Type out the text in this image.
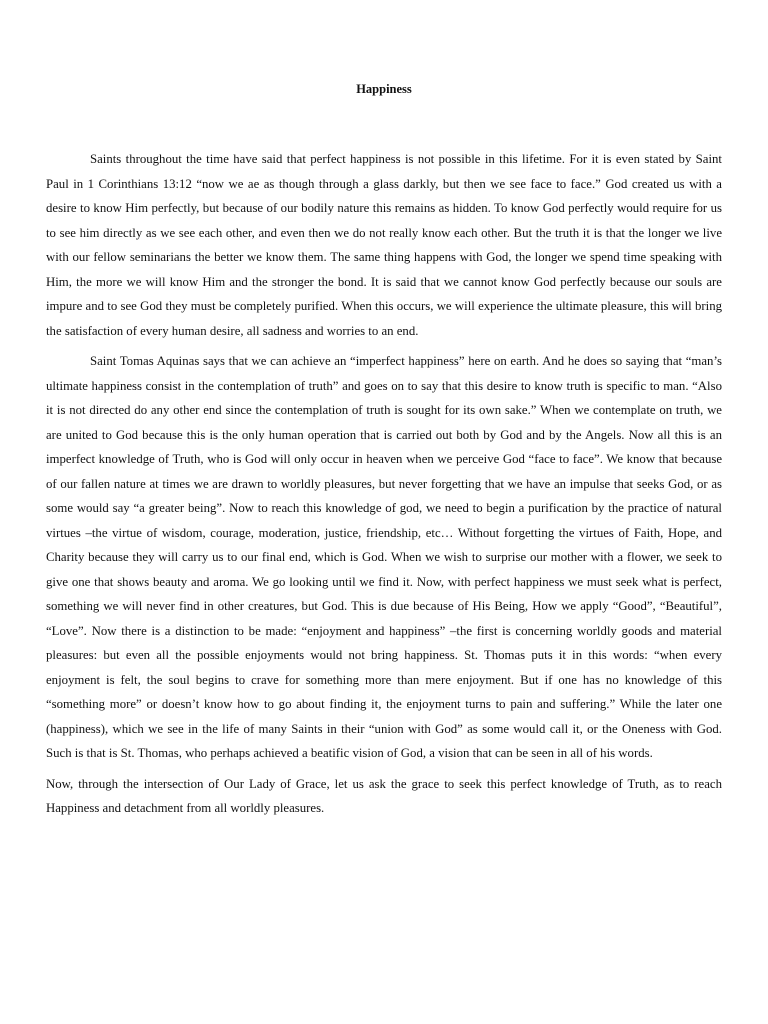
Happiness

Saints throughout the time have said that perfect happiness is not possible in this lifetime. For it is even stated by Saint Paul in 1 Corinthians 13:12 “now we ae as though through a glass darkly, but then we see face to face.” God created us with a desire to know Him perfectly, but because of our bodily nature this remains as hidden. To know God perfectly would require for us to see him directly as we see each other, and even then we do not really know each other. But the truth it is that the longer we live with our fellow seminarians the better we know them. The same thing happens with God, the longer we spend time speaking with Him, the more we will know Him and the stronger the bond. It is said that we cannot know God perfectly because our souls are impure and to see God they must be completely purified. When this occurs, we will experience the ultimate pleasure, this will bring the satisfaction of every human desire, all sadness and worries to an end.

Saint Tomas Aquinas says that we can achieve an “imperfect happiness” here on earth. And he does so saying that “man’s ultimate happiness consist in the contemplation of truth” and goes on to say that this desire to know truth is specific to man. “Also it is not directed do any other end since the contemplation of truth is sought for its own sake.” When we contemplate on truth, we are united to God because this is the only human operation that is carried out both by God and by the Angels. Now all this is an imperfect knowledge of Truth, who is God will only occur in heaven when we perceive God “face to face”. We know that because of our fallen nature at times we are drawn to worldly pleasures, but never forgetting that we have an impulse that seeks God, or as some would say “a greater being”. Now to reach this knowledge of god, we need to begin a purification by the practice of natural virtues –the virtue of wisdom, courage, moderation, justice, friendship, etc… Without forgetting the virtues of Faith, Hope, and Charity because they will carry us to our final end, which is God. When we wish to surprise our mother with a flower, we seek to give one that shows beauty and aroma. We go looking until we find it. Now, with perfect happiness we must seek what is perfect, something we will never find in other creatures, but God. This is due because of His Being, How we apply “Good”, “Beautiful”, “Love”. Now there is a distinction to be made: “enjoyment and happiness” –the first is concerning worldly goods and material pleasures: but even all the possible enjoyments would not bring happiness. St. Thomas puts it in this words: “when every enjoyment is felt, the soul begins to crave for something more than mere enjoyment. But if one has no knowledge of this “something more” or doesn’t know how to go about finding it, the enjoyment turns to pain and suffering.” While the later one (happiness), which we see in the life of many Saints in their “union with God” as some would call it, or the Oneness with God. Such is that is St. Thomas, who perhaps achieved a beatific vision of God, a vision that can be seen in all of his words.

Now, through the intersection of Our Lady of Grace, let us ask the grace to seek this perfect knowledge of Truth, as to reach Happiness and detachment from all worldly pleasures.
